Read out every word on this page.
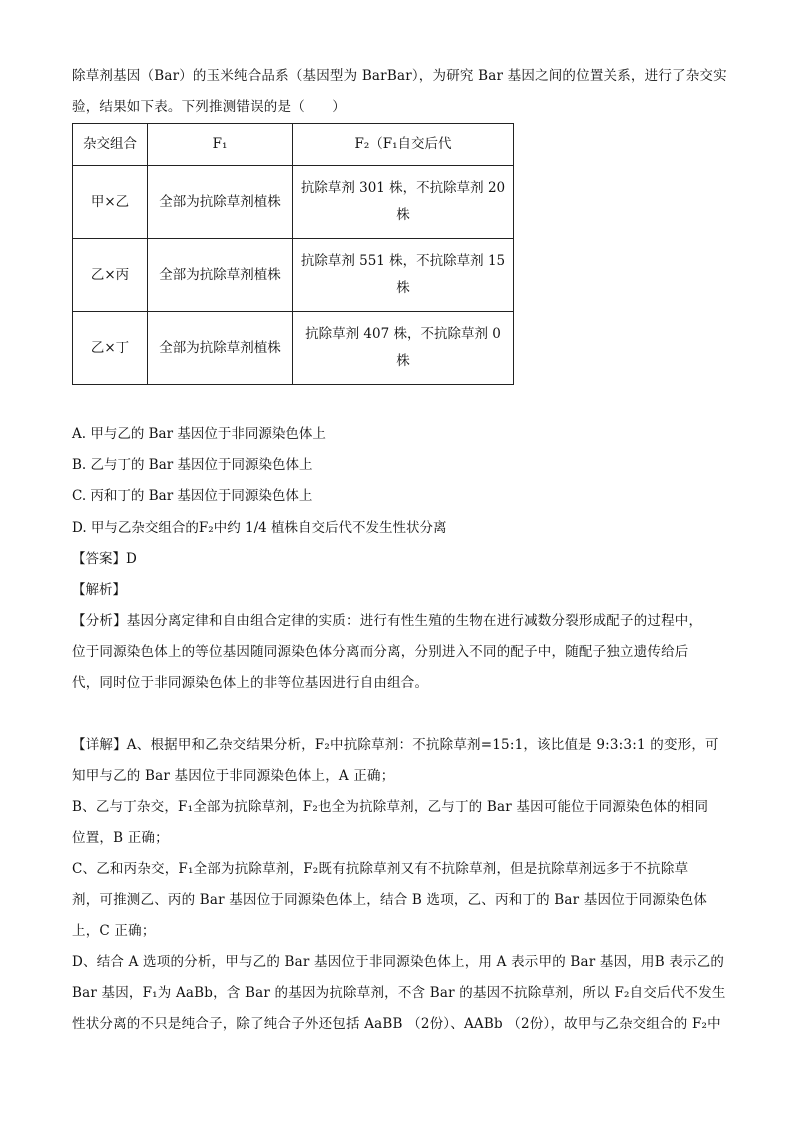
除草剂基因（Bar）的玉米纯合品系（基因型为 BarBar），为研究 Bar 基因之间的位置关系，进行了杂交实
验，结果如下表。下列推测错误的是（　　）
杂交组合	F₁	F₂（F₁自交后代
甲×乙	全部为抗除草剂植株	抗除草剂 301 株，不抗除草剂 20
株

乙×丙	全部为抗除草剂植株	抗除草剂 551 株，不抗除草剂 15
株

乙×丁	全部为抗除草剂植株	抗除草剂 407 株，不抗除草剂 0
株
A. 甲与乙的 Bar 基因位于非同源染色体上
B. 乙与丁的 Bar 基因位于同源染色体上
C. 丙和丁的 Bar 基因位于同源染色体上
D. 甲与乙杂交组合的F₂中约 1/4 植株自交后代不发生性状分离
【答案】D
【解析】
【分析】基因分离定律和自由组合定律的实质：进行有性生殖的生物在进行减数分裂形成配子的过程中，
位于同源染色体上的等位基因随同源染色体分离而分离，分别进入不同的配子中，随配子独立遗传给后
代，同时位于非同源染色体上的非等位基因进行自由组合。
【详解】A、根据甲和乙杂交结果分析，F₂中抗除草剂：不抗除草剂=15:1，该比值是 9:3:3:1 的变形，可
知甲与乙的 Bar 基因位于非同源染色体上，A 正确；
B、乙与丁杂交，F₁全部为抗除草剂，F₂也全为抗除草剂，乙与丁的 Bar 基因可能位于同源染色体的相同
位置，B 正确；
C、乙和丙杂交，F₁全部为抗除草剂，F₂既有抗除草剂又有不抗除草剂，但是抗除草剂远多于不抗除草
剂，可推测乙、丙的 Bar 基因位于同源染色体上，结合 B 选项，乙、丙和丁的 Bar 基因位于同源染色体
上，C 正确；
D、结合 A 选项的分析，甲与乙的 Bar 基因位于非同源染色体上，用 A 表示甲的 Bar 基因，用B 表示乙的
Bar 基因，F₁为 AaBb，含 Bar 的基因为抗除草剂，不含 Bar 的基因不抗除草剂，所以 F₂自交后代不发生
性状分离的不只是纯合子，除了纯合子外还包括 AaBB （2份）、AABb （2份），故甲与乙杂交组合的 F₂中
